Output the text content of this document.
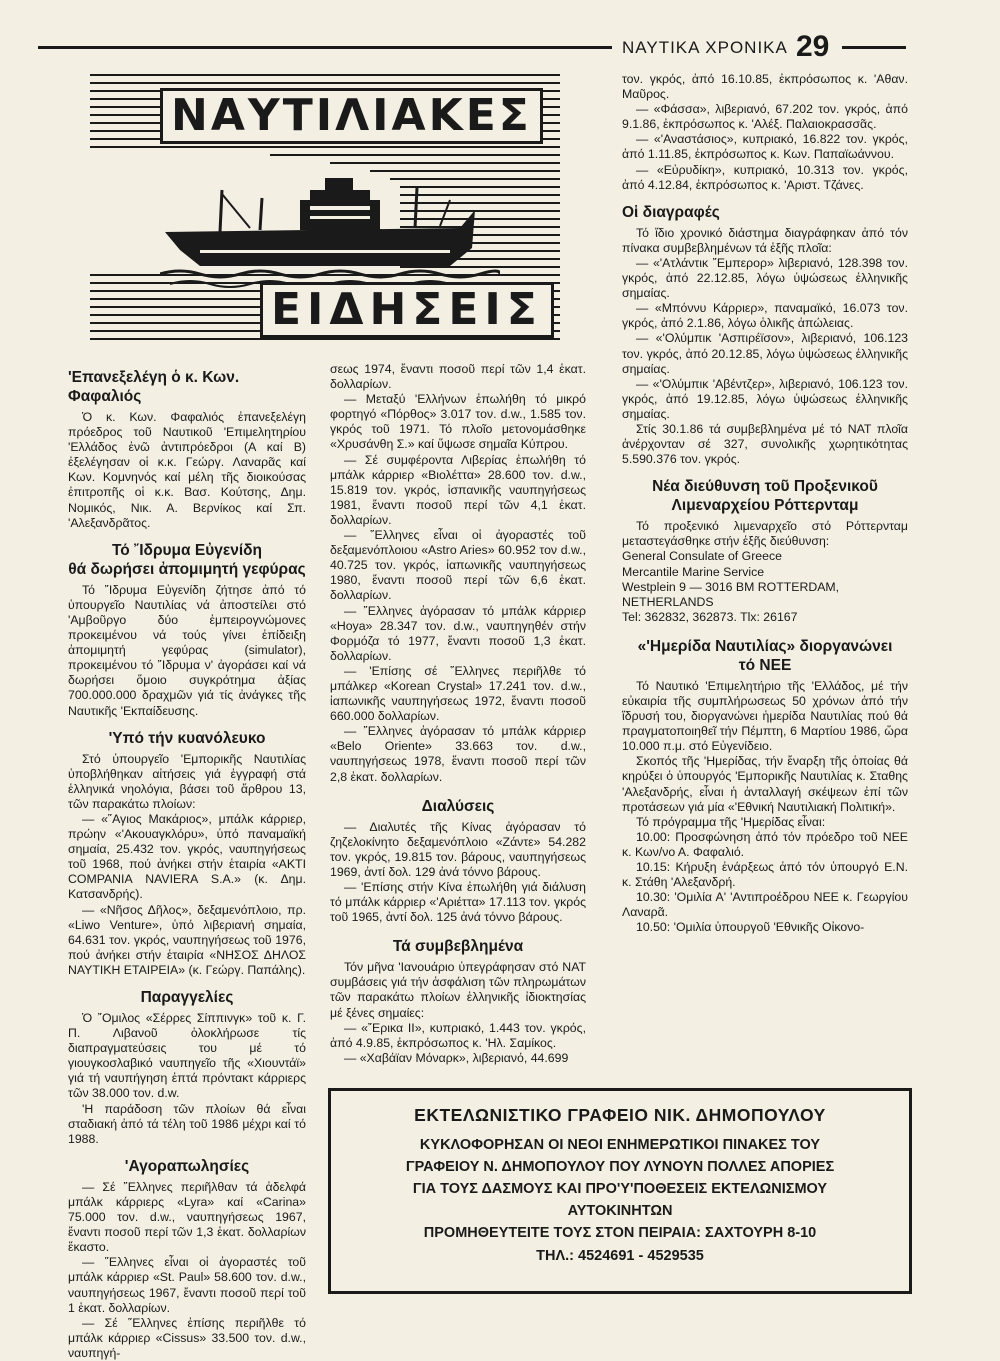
ΝΑΥΤΙΚΑ ΧΡΟΝΙΚΑ 29
ΝΑΥΤΙΛΙΑΚΕΣ
ΕΙΔΗΣΕΙΣ
'Επανεξελέγη ὁ κ. Κων. Φαφαλιός

Ὁ κ. Κων. Φαφαλιός ἐπανεξελέγη πρόεδρος τοῦ Ναυτικοῦ 'Επιμελητηρίου 'Ελλάδος ἐνῶ ἀντιπρόεδροι (Α καί Β) ἐξελέγησαν οἱ κ.κ. Γεώργ. Λαναρᾶς καί Κων. Κομνηνός καί μέλη τῆς διοικούσας ἐπιτροπῆς οἱ κ.κ. Βασ. Κούτσης, Δημ. Νομικός, Νικ. Α. Βερνίκος καί Σπ. 'Αλεξανδρᾶτος.

Τό ῎Ιδρυμα Εὐγενίδη
θά δωρήσει ἀπομιμητή γεφύρας

Τό ῎Ιδρυμα Εὐγενίδη ζήτησε ἀπό τό ὑπουργεῖο Ναυτιλίας νά ἀποστείλει στό 'Αμβοῦργο δύο ἐμπειρογνώμονες προκειμένου νά τούς γίνει ἐπίδειξη ἀπομιμητή γεφύρας (simulator), προκειμένου τό ῎Ιδρυμα ν' ἀγοράσει καί νά δωρήσει ὅμοιο συγκρότημα ἀξίας 700.000.000 δραχμῶν γιά τίς ἀνάγκες τῆς Ναυτικῆς 'Εκπαίδευσης.

'Υπό τήν κυανόλευκο

Στό ὑπουργεῖο 'Εμπορικῆς Ναυτιλίας ὑποβλήθηκαν αἰτήσεις γιά ἐγγραφή στά ἑλληνικά νηολόγια, βάσει τοῦ ἄρθρου 13, τῶν παρακάτω πλοίων:

— «῞Αγιος Μακάριος», μπάλκ κάρριερ, πρώην «'Ακουαγκλόρυ», ὑπό παναμαϊκή σημαία, 25.432 τον. γκρός, ναυπηγήσεως τοῦ 1968, πού ἀνήκει στήν ἑταιρία «AKTI COMPANIA NAVIERA S.A.» (κ. Δημ. Κατσανδρής).

— «Νῆσος Δῆλος», δεξαμενόπλοιο, πρ. «Liwo Venture», ὑπό λιβεριανή σημαία, 64.631 τον. γκρός, ναυπηγήσεως τοῦ 1976, πού ἀνήκει στήν ἑταιρία «ΝΗΣΟΣ ΔΗΛΟΣ ΝΑΥΤΙΚΗ ΕΤΑΙΡΕΙΑ» (κ. Γεώργ. Παπάλης).

Παραγγελίες

Ὁ ῎Ομιλος «Σέρρες Σίππινγκ» τοῦ κ. Γ. Π. Λιβανοῦ ὁλοκλήρωσε τίς διαπραγματεύσεις του μέ τό γιουγκοσλαβικό ναυπηγεῖο τῆς «Χιουντάϊ» γιά τή ναυπήγηση ἑπτά πρόντακτ κάρριερς τῶν 38.000 τον. d.w.

'Η παράδοση τῶν πλοίων θά εἶναι σταδιακή ἀπό τά τέλη τοῦ 1986 μέχρι καί τό 1988.

'Αγοραπωλησίες

— Σέ ῞Ελληνες περιῆλθαν τά ἀδελφά μπάλκ κάρριερς «Lyra» καί «Carina» 75.000 τον. d.w., ναυπηγήσεως 1967, ἔναντι ποσοῦ περί τῶν 1,3 ἑκατ. δολλαρίων ἕκαστο.

— ῞Ελληνες εἶναι οἱ ἀγοραστές τοῦ μπάλκ κάρριερ «St. Paul» 58.600 τον. d.w., ναυπηγήσεως 1967, ἔναντι ποσοῦ περί τοῦ 1 ἑκατ. δολλαρίων.

— Σέ ῞Ελληνες ἐπίσης περιῆλθε τό μπάλκ κάρριερ «Cissus» 33.500 τον. d.w., ναυπηγή-

σεως 1974, ἔναντι ποσοῦ περί τῶν 1,4 ἑκατ. δολλαρίων.

— Μεταξύ 'Ελλήνων ἐπωλήθη τό μικρό φορτηγό «Πόρθος» 3.017 τον. d.w., 1.585 τον. γκρός τοῦ 1971. Τό πλοῖο μετονομάσθηκε «Χρυσάνθη Σ.» καί ὕψωσε σημαῖα Κύπρου.

— Σέ συμφέροντα Λιβερίας ἐπωλήθη τό μπάλκ κάρριερ «Βιολέττα» 28.600 τον. d.w., 15.819 τον. γκρός, ἱσπανικῆς ναυπηγήσεως 1981, ἔναντι ποσοῦ περί τῶν 4,1 ἑκατ. δολλαρίων.

— ῞Ελληνες εἶναι οἱ ἀγοραστές τοῦ δεξαμενόπλοιου «Astro Aries» 60.952 τον d.w., 40.725 τον. γκρός, ἰαπωνικῆς ναυπηγήσεως 1980, ἔναντι ποσοῦ περί τῶν 6,6 ἑκατ. δολλαρίων.

— ῞Ελληνες ἀγόρασαν τό μπάλκ κάρριερ «Hoya» 28.347 τον. d.w., ναυπηγηθέν στήν Φορμόζα τό 1977, ἔναντι ποσοῦ 1,3 ἑκατ. δολλαρίων.

— 'Επίσης σέ ῞Ελληνες περιῆλθε τό μπάλκερ «Korean Crystal» 17.241 τον. d.w., ἰαπωνικῆς ναυπηγήσεως 1972, ἔναντι ποσοῦ 660.000 δολλαρίων.

— ῞Ελληνες ἀγόρασαν τό μπάλκ κάρριερ «Belo Oriente» 33.663 τον. d.w., ναυπηγήσεως 1978, ἔναντι ποσοῦ περί τῶν 2,8 ἑκατ. δολλαρίων.

Διαλύσεις

— Διαλυτές τῆς Κίνας ἀγόρασαν τό ζηζελοκίνητο δεξαμενόπλοιο «Ζάντε» 54.282 τον. γκρός, 19.815 τον. βάρους, ναυπηγήσεως 1969, ἀντί δολ. 129 ἀνά τόννο βάρους.

— 'Επίσης στήν Κίνα ἐπωλήθη γιά διάλυση τό μπάλκ κάρριερ «'Αριέττα» 17.113 τον. γκρός τοῦ 1965, ἀντί δολ. 125 ἀνά τόννο βάρους.

Τά συμβεβλημένα

Τόν μῆνα 'Ιανουάριο ὑπεγράφησαν στό ΝΑΤ συμβάσεις γιά τήν ἀσφάλιση τῶν πληρωμάτων τῶν παρακάτω πλοίων ἑλληνικῆς ἰδιοκτησίας μέ ξένες σημαίες:

— «῎Ερικα ΙΙ», κυπριακό, 1.443 τον. γκρός, ἀπό 4.9.85, ἐκπρόσωπος κ. 'Ηλ. Σαμίκος.

— «Χαβάϊαν Μόναρκ», λιβεριανό, 44.699

τον. γκρός, ἀπό 16.10.85, ἐκπρόσωπος κ. 'Αθαν. Μαῦρος.

— «Φάσσα», λιβεριανό, 67.202 τον. γκρός, ἀπό 9.1.86, ἐκπρόσωπος κ. 'Αλέξ. Παλαιοκρασσᾶς.

— «'Αναστάσιος», κυπριακό, 16.822 τον. γκρός, ἀπό 1.11.85, ἐκπρόσωπος κ. Κων. Παπαϊωάννου.

— «Εὐρυδίκη», κυπριακό, 10.313 τον. γκρός, ἀπό 4.12.84, ἐκπρόσωπος κ. 'Αριστ. Τζάνες.

Οἱ διαγραφές

Τό ἴδιο χρονικό διάστημα διαγράφηκαν ἀπό τόν πίνακα συμβεβλημένων τά ἑξῆς πλοῖα:

— «'Ατλάντικ ῎Εμπερορ» λιβεριανό, 128.398 τον. γκρός, ἀπό 22.12.85, λόγω ὑψώσεως ἑλληνικῆς σημαίας.

— «Μπόννυ Κάρριερ», παναμαϊκό, 16.073 τον. γκρός, ἀπό 2.1.86, λόγω ὁλικῆς ἀπώλειας.

— «'Ολύμπικ 'Ασπιρέϊσον», λιβεριανό, 106.123 τον. γκρός, ἀπό 20.12.85, λόγω ὑψώσεως ἑλληνικῆς σημαίας.

— «'Ολύμπικ 'Αβέντζερ», λιβεριανό, 106.123 τον. γκρός, ἀπό 19.12.85, λόγω ὑψώσεως ἑλληνικῆς σημαίας.

Στίς 30.1.86 τά συμβεβλημένα μέ τό ΝΑΤ πλοῖα ἀνέρχονταν σέ 327, συνολικῆς χωρητικότητας 5.590.376 τον. γκρός.

Νέα διεύθυνση τοῦ Προξενικοῦ
Λιμεναρχείου Ρόττερνταμ

Τό προξενικό λιμεναρχεῖο στό Ρόττερνταμ μεταστεγάσθηκε στήν ἑξῆς διεύθυνση:

General Consulate of Greece

Mercantile Marine Service

Westplein 9 — 3016 BM ROTTERDAM,

NETHERLANDS

Tel: 362832, 362873. Tlx: 26167

«'Ημερίδα Ναυτιλίας» διοργανώνει
τό ΝΕΕ

Τό Ναυτικό 'Επιμελητήριο τῆς 'Ελλάδος, μέ τήν εὐκαιρία τῆς συμπλήρωσεως 50 χρόνων ἀπό τήν ἵδρυσή του, διοργανώνει ἡμερίδα Ναυτιλίας πού θά πραγματοποιηθεῖ τήν Πέμπτη, 6 Μαρτίου 1986, ὥρα 10.000 π.μ. στό Εὐγενίδειο.

Σκοπός τῆς 'Ημερίδας, τήν ἔναρξη τῆς ὁποίας θά κηρύξει ὁ ὑπουργός 'Εμπορικῆς Ναυτιλίας κ. Σταθης 'Αλεξανδρής, εἶναι ἡ ἀνταλλαγή σκέψεων ἐπί τῶν προτάσεων γιά μία «'Εθνική Ναυτιλιακή Πολιτική».

Τό πρόγραμμα τῆς 'Ημερίδας εἶναι:

10.00: Προσφώνηση ἀπό τόν πρόεδρο τοῦ ΝΕΕ κ. Κων/νο Α. Φαφαλιό.

10.15: Κήρυξη ἐνάρξεως ἀπό τόν ὑπουργό Ε.Ν. κ. Στάθη 'Αλεξανδρή.

10.30: 'Ομιλία Α' 'Αντιπροέδρου ΝΕΕ κ. Γεωργίου Λαναρᾶ.

10.50: 'Ομιλία ὑπουργοῦ 'Εθνικῆς Οἰκονο-

ΕΚΤΕΛΩΝΙΣΤΙΚΟ ΓΡΑΦΕΙΟ ΝΙΚ. ΔΗΜΟΠΟΥΛΟΥ
ΚΥΚΛΟΦΟΡΗΣΑΝ ΟΙ ΝΕΟΙ ΕΝΗΜΕΡΩΤΙΚΟΙ ΠΙΝΑΚΕΣ ΤΟΥ
ΓΡΑΦΕΙΟΥ Ν. ΔΗΜΟΠΟΥΛΟΥ ΠΟΥ ΛΥΝΟΥΝ ΠΟΛΛΕΣ ΑΠΟΡΙΕΣ
ΓΙΑ ΤΟΥΣ ΔΑΣΜΟΥΣ ΚΑΙ ΠΡΟ'Υ'ΠΟΘΕΣΕΙΣ ΕΚΤΕΛΩΝΙΣΜΟΥ
ΑΥΤΟΚΙΝΗΤΩΝ
ΠΡΟΜΗΘΕΥΤΕΙΤΕ ΤΟΥΣ ΣΤΟΝ ΠΕΙΡΑΙΑ: ΣΑΧΤΟΥΡΗ 8-10
ΤΗΛ.: 4524691 - 4529535
